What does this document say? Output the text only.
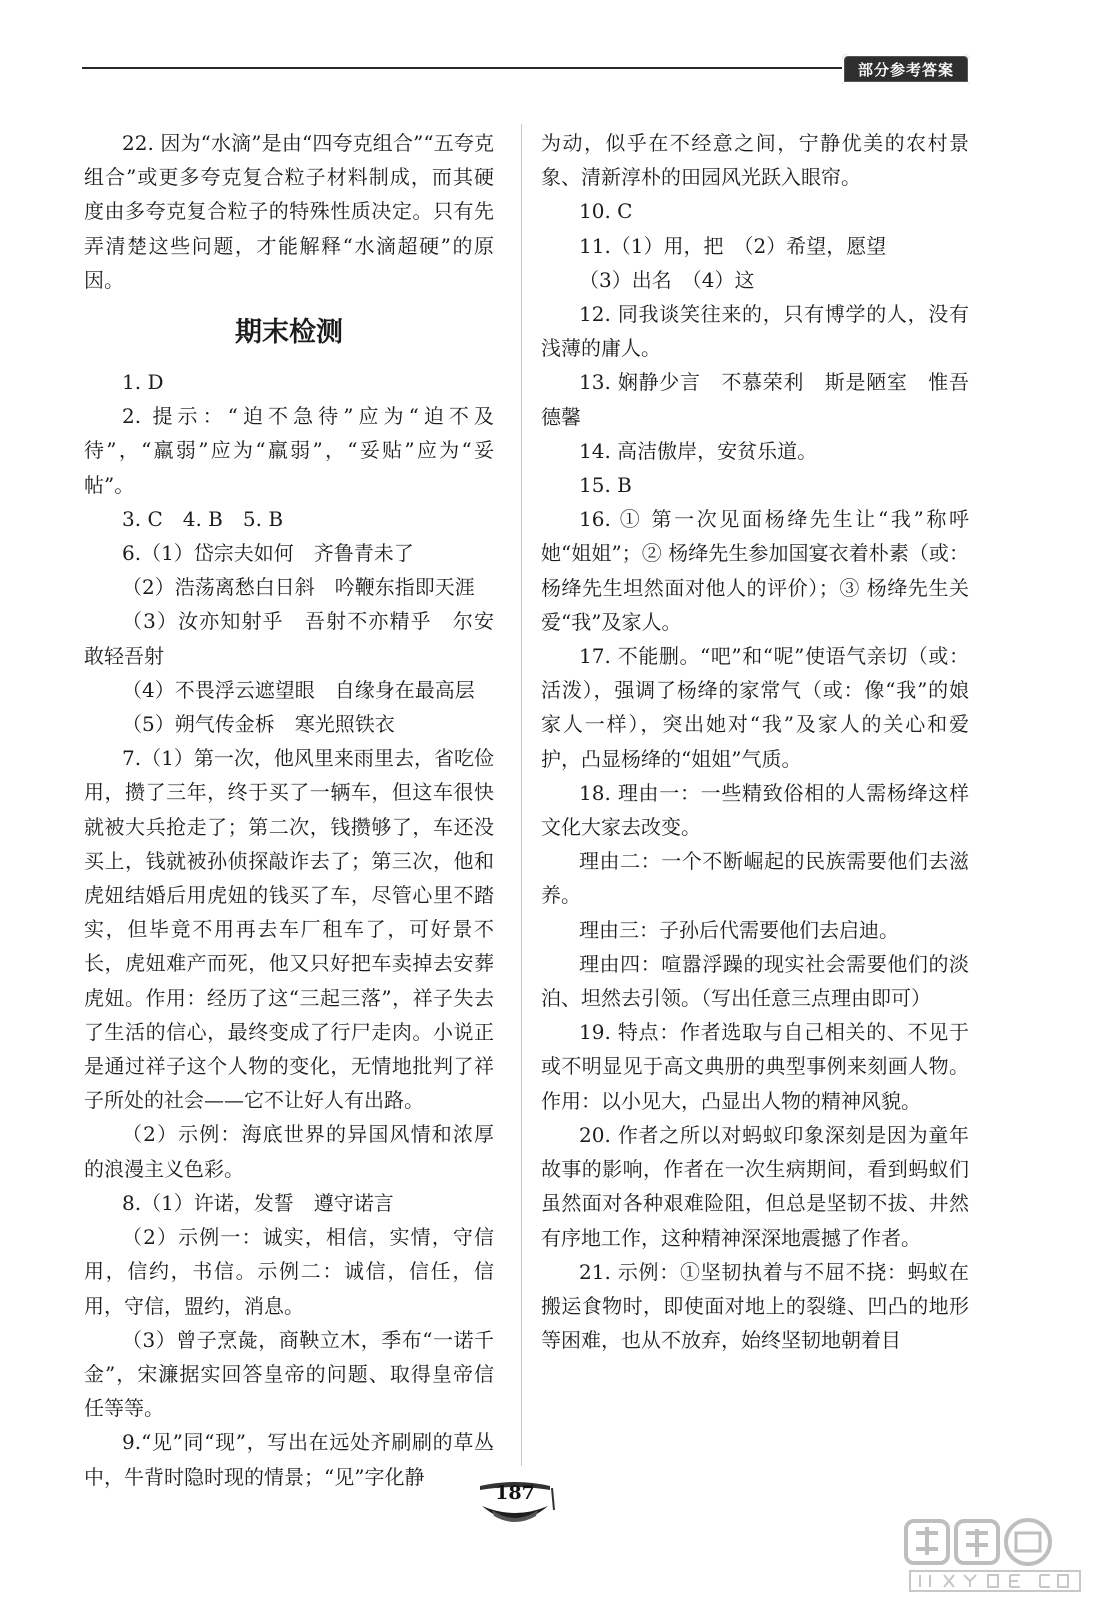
部分参考答案

22. 因为“水滴”是由“四夸克组合”“五夸克组合”或更多夸克复合粒子材料制成，而其硬度由多夸克复合粒子的特殊性质决定。只有先弄清楚这些问题，才能解释“水滴超硬”的原因。

期末检测

1. D

2. 提示：“迫不急待”应为“迫不及待”，“羸弱”应为“羸弱”，“妥贴”应为“妥帖”。

3. C　4. B　5. B

6.（1）岱宗夫如何　齐鲁青未了

（2）浩荡离愁白日斜　吟鞭东指即天涯

（3）汝亦知射乎　吾射不亦精乎　尔安敢轻吾射

（4）不畏浮云遮望眼　自缘身在最高层

（5）朔气传金柝　寒光照铁衣

7.（1）第一次，他风里来雨里去，省吃俭用，攒了三年，终于买了一辆车，但这车很快就被大兵抢走了；第二次，钱攒够了，车还没买上，钱就被孙侦探敲诈去了；第三次，他和虎妞结婚后用虎妞的钱买了车，尽管心里不踏实，但毕竟不用再去车厂租车了，可好景不长，虎妞难产而死，他又只好把车卖掉去安葬虎妞。作用：经历了这“三起三落”，祥子失去了生活的信心，最终变成了行尸走肉。小说正是通过祥子这个人物的变化，无情地批判了祥子所处的社会——它不让好人有出路。

（2）示例：海底世界的异国风情和浓厚的浪漫主义色彩。

8.（1）许诺，发誓　遵守诺言

（2）示例一：诚实，相信，实情，守信用，信约，书信。示例二：诚信，信任，信用，守信，盟约，消息。

（3）曾子烹彘，商鞅立木，季布“一诺千金”，宋濂据实回答皇帝的问题、取得皇帝信任等等。

9.“见”同“现”，写出在远处齐刷刷的草丛中，牛背时隐时现的情景；“见”字化静

为动，似乎在不经意之间，宁静优美的农村景象、清新淳朴的田园风光跃入眼帘。

10. C

11.（1）用，把　（2）希望，愿望

（3）出名　（4）这

12. 同我谈笑往来的，只有博学的人，没有浅薄的庸人。

13. 娴静少言　不慕荣利　斯是陋室　惟吾德馨

14. 高洁傲岸，安贫乐道。

15. B

16. ① 第一次见面杨绛先生让“我”称呼她“姐姐”；② 杨绛先生参加国宴衣着朴素（或：杨绛先生坦然面对他人的评价）；③ 杨绛先生关爱“我”及家人。

17. 不能删。“吧”和“呢”使语气亲切（或：活泼），强调了杨绛的家常气（或：像“我”的娘家人一样），突出她对“我”及家人的关心和爱护，凸显杨绛的“姐姐”气质。

18. 理由一：一些精致俗相的人需杨绛这样文化大家去改变。

理由二：一个不断崛起的民族需要他们去滋养。

理由三：子孙后代需要他们去启迪。

理由四：喧嚣浮躁的现实社会需要他们的淡泊、坦然去引领。（写出任意三点理由即可）

19. 特点：作者选取与自己相关的、不见于或不明显见于高文典册的典型事例来刻画人物。作用：以小见大，凸显出人物的精神风貌。

20. 作者之所以对蚂蚁印象深刻是因为童年故事的影响，作者在一次生病期间，看到蚂蚁们虽然面对各种艰难险阻，但总是坚韧不拔、井然有序地工作，这种精神深深地震撼了作者。

21. 示例：①坚韧执着与不屈不挠：蚂蚁在搬运食物时，即使面对地上的裂缝、凹凸的地形等困难，也从不放弃，始终坚韧地朝着目

187
